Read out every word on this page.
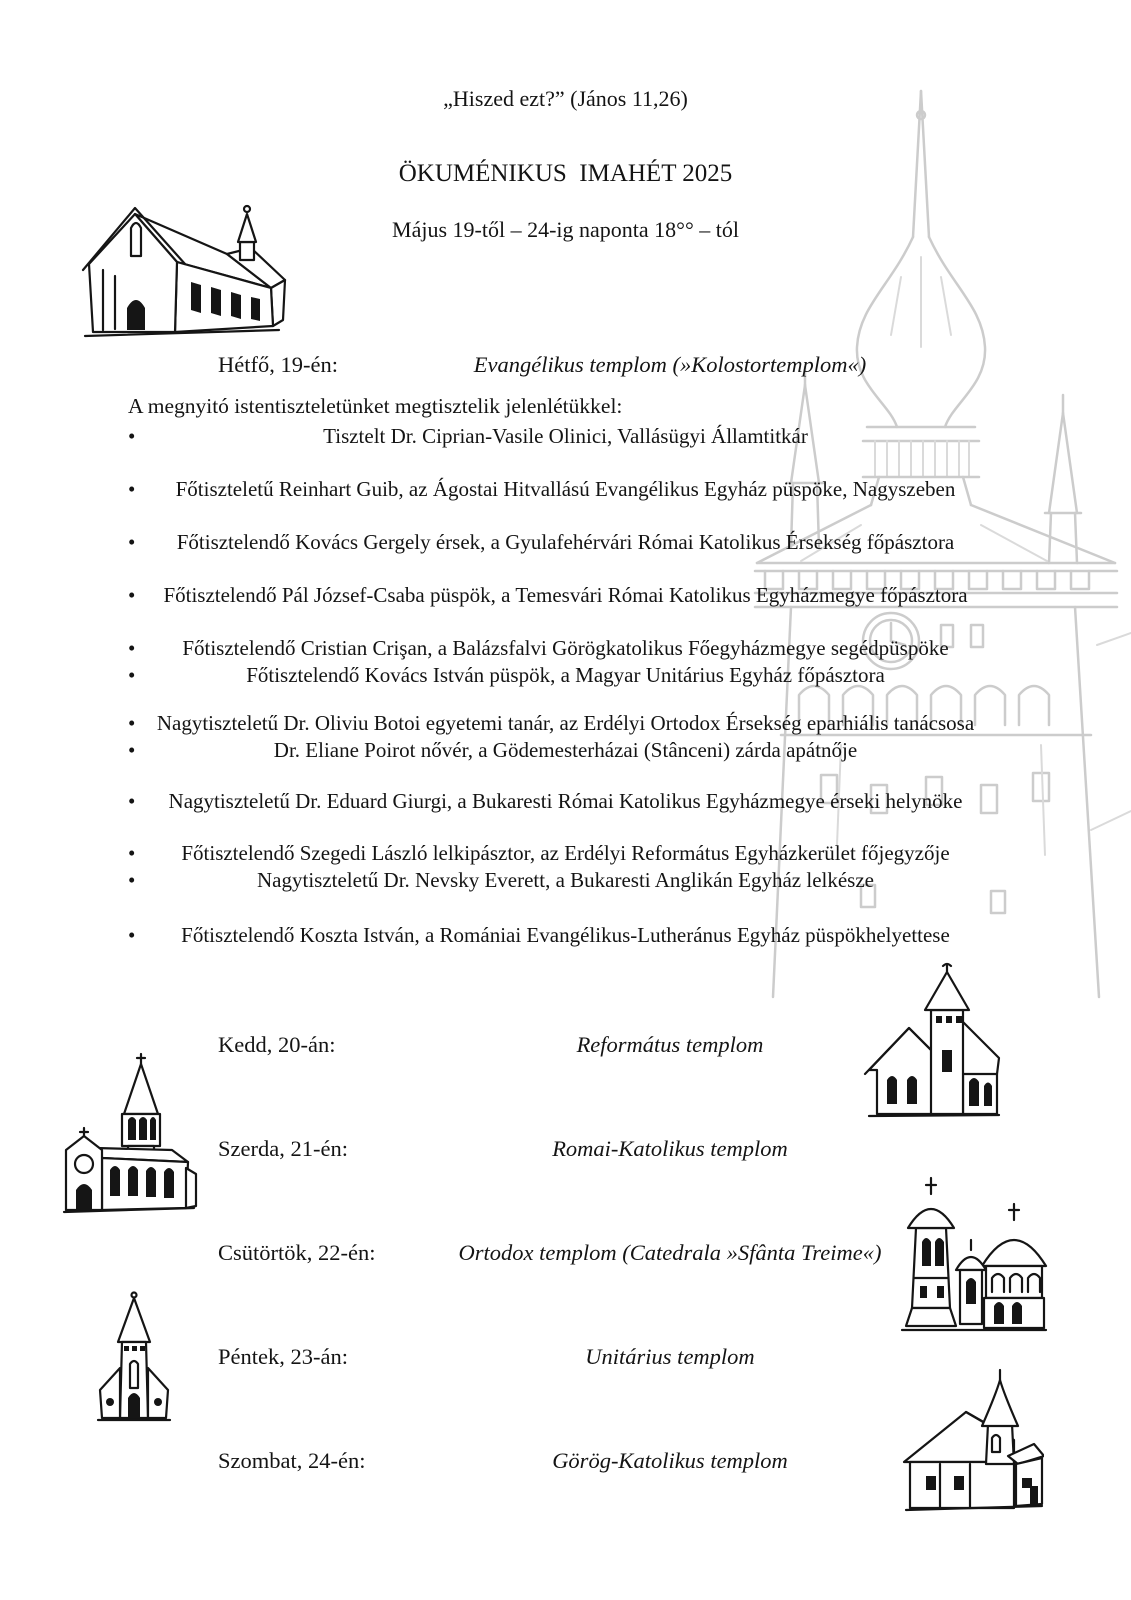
„Hiszed ezt?” (János 11,26)
ÖKUMÉNIKUS  IMAHÉT 2025
Május 19-től – 24-ig naponta 18°° – tól
Hétfő, 19-én:	Evangélikus templom (»Kolostortemplom«)
A megnyitó istentiszteletünket megtisztelik jelenlétükkel:
•	Tisztelt Dr. Ciprian-Vasile Olinici, Vallásügyi Államtitkár
• Főtiszteletű Reinhart Guib, az Ágostai Hitvallású Evangélikus Egyház püspöke, Nagyszeben
• Főtisztelendő Kovács Gergely érsek, a Gyulafehérvári Római Katolikus Érsekség főpásztora
• Főtisztelendő Pál József-Csaba püspök, a Temesvári Római Katolikus Egyházmegye főpásztora
• Főtisztelendő Cristian Crişan, a Balázsfalvi Görögkatolikus Főegyházmegye segédpüspöke
•	Főtisztelendő Kovács István püspök, a Magyar Unitárius Egyház főpásztora
• Nagytiszteletű Dr. Oliviu Botoi egyetemi tanár, az Erdélyi Ortodox Érsekség eparhiális tanácsosa
•	Dr. Eliane Poirot nővér, a Gödemesterházai (Stânceni) zárda apátnője
• Nagytiszteletű Dr. Eduard Giurgi, a Bukaresti Római Katolikus Egyházmegye érseki helynöke
• Főtisztelendő Szegedi László lelkipásztor, az Erdélyi Református Egyházkerület főjegyzője
•	Nagytiszteletű Dr. Nevsky Everett, a Bukaresti Anglikán Egyház lelkésze
• Főtisztelendő Koszta István, a Romániai Evangélikus-Lutheránus Egyház püspökhelyettese
Kedd, 20-án:	Református templom
Szerda, 21-én:	Romai-Katolikus templom
Csütörtök, 22-én:	Ortodox templom (Catedrala »Sfânta Treime«)
Péntek, 23-án:	Unitárius templom
Szombat, 24-én:	Görög-Katolikus templom
